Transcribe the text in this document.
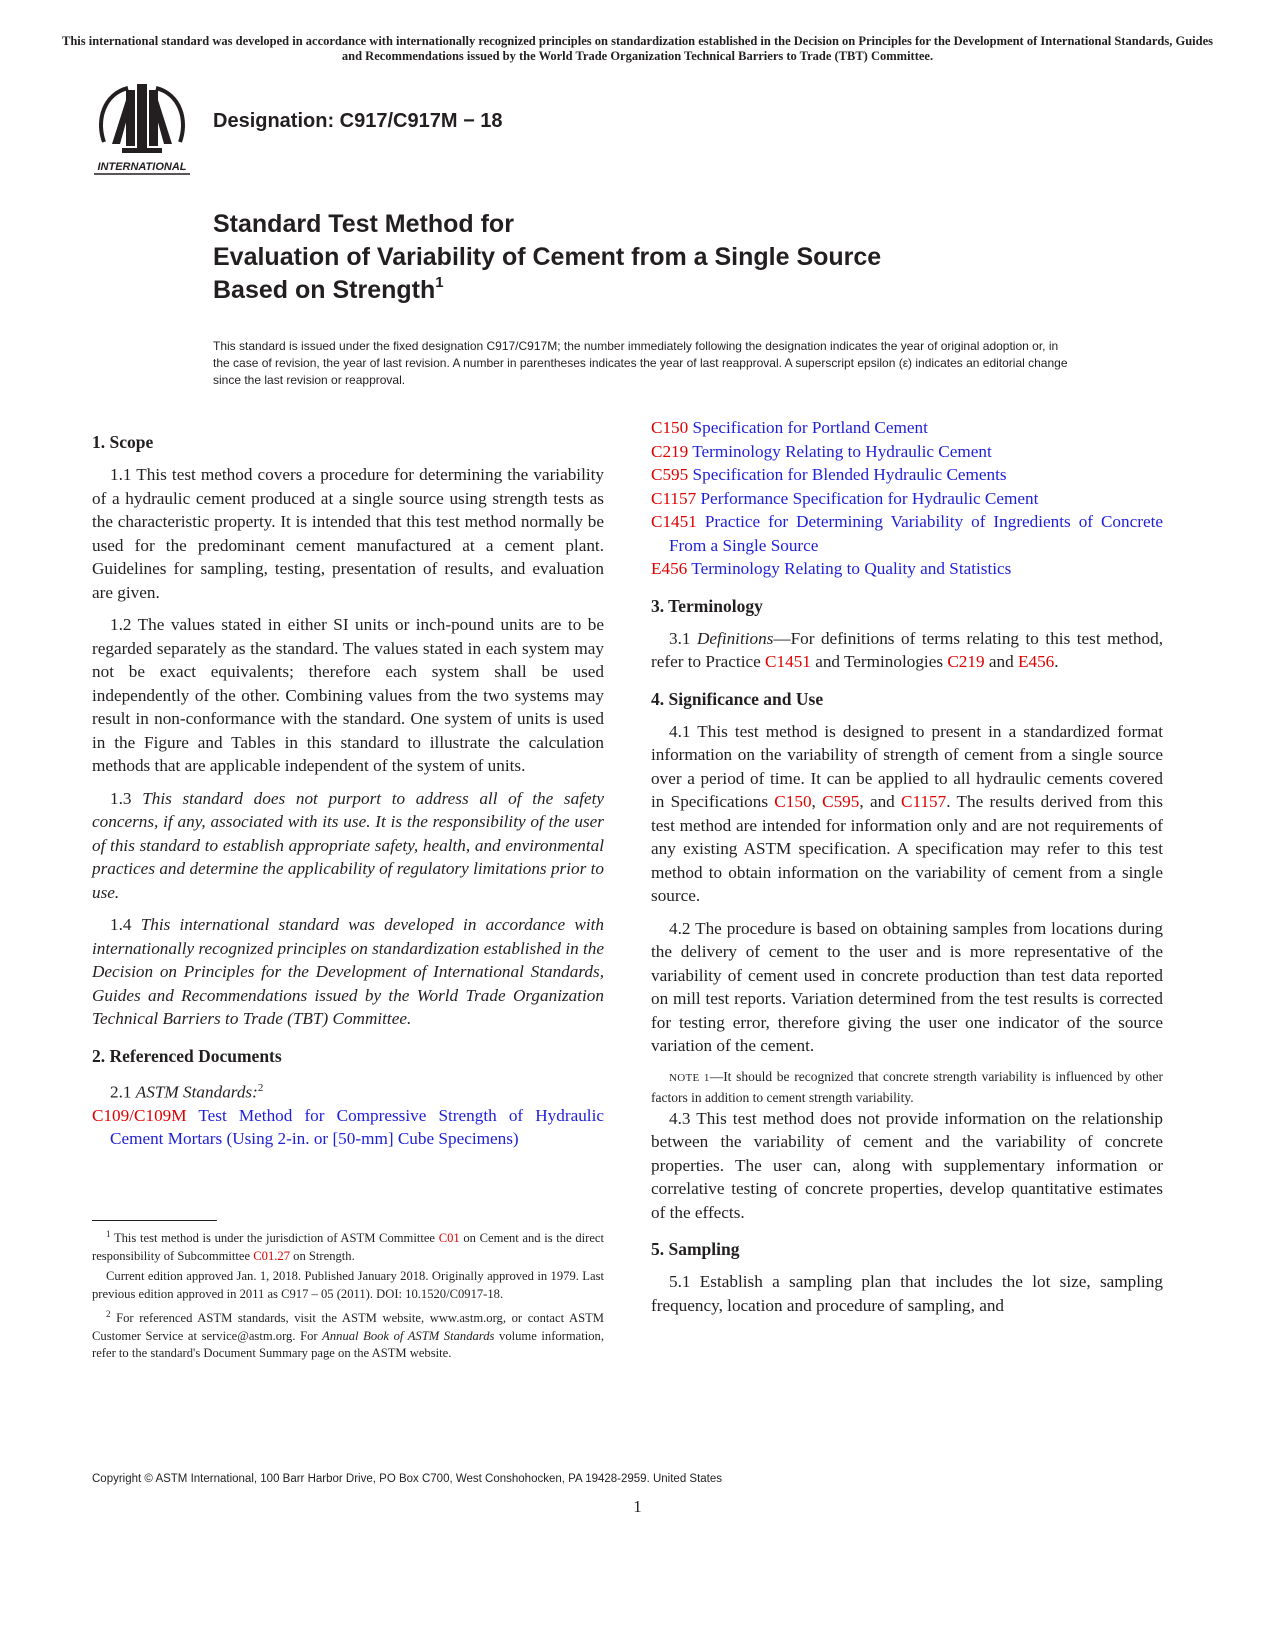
This international standard was developed in accordance with internationally recognized principles on standardization established in the Decision on Principles for the Development of International Standards, Guides and Recommendations issued by the World Trade Organization Technical Barriers to Trade (TBT) Committee.
INTERNATIONAL
Designation: C917/C917M − 18
Standard Test Method for
Evaluation of Variability of Cement from a Single Source
Based on Strength$^1$
This standard is issued under the fixed designation C917/C917M; the number immediately following the designation indicates the year of original adoption or, in the case of revision, the year of last revision. A number in parentheses indicates the year of last reapproval. A superscript epsilon (ε) indicates an editorial change since the last revision or reapproval.
1. Scope

1.1 This test method covers a procedure for determining the variability of a hydraulic cement produced at a single source using strength tests as the characteristic property. It is intended that this test method normally be used for the predominant cement manufactured at a cement plant. Guidelines for sampling, testing, presentation of results, and evaluation are given.

1.2 The values stated in either SI units or inch-pound units are to be regarded separately as the standard. The values stated in each system may not be exact equivalents; therefore each system shall be used independently of the other. Combining values from the two systems may result in non-conformance with the standard. One system of units is used in the Figure and Tables in this standard to illustrate the calculation methods that are applicable independent of the system of units.

1.3 This standard does not purport to address all of the safety concerns, if any, associated with its use. It is the responsibility of the user of this standard to establish appropriate safety, health, and environmental practices and determine the applicability of regulatory limitations prior to use.

1.4 This international standard was developed in accordance with internationally recognized principles on standardization established in the Decision on Principles for the Development of International Standards, Guides and Recommendations issued by the World Trade Organization Technical Barriers to Trade (TBT) Committee.

2. Referenced Documents

2.1 ASTM Standards:$^2$

C109/C109M Test Method for Compressive Strength of Hydraulic Cement Mortars (Using 2-in. or [50-mm] Cube Specimens)

C150 Specification for Portland Cement

C219 Terminology Relating to Hydraulic Cement

C595 Specification for Blended Hydraulic Cements

C1157 Performance Specification for Hydraulic Cement

C1451 Practice for Determining Variability of Ingredients of Concrete From a Single Source

E456 Terminology Relating to Quality and Statistics

3. Terminology

3.1 Definitions—For definitions of terms relating to this test method, refer to Practice C1451 and Terminologies C219 and E456.

4. Significance and Use

4.1 This test method is designed to present in a standardized format information on the variability of strength of cement from a single source over a period of time. It can be applied to all hydraulic cements covered in Specifications C150, C595, and C1157. The results derived from this test method are intended for information only and are not requirements of any existing ASTM specification. A specification may refer to this test method to obtain information on the variability of cement from a single source.

4.2 The procedure is based on obtaining samples from locations during the delivery of cement to the user and is more representative of the variability of cement used in concrete production than test data reported on mill test reports. Variation determined from the test results is corrected for testing error, therefore giving the user one indicator of the source variation of the cement.

NOTE 1—It should be recognized that concrete strength variability is influenced by other factors in addition to cement strength variability.

4.3 This test method does not provide information on the relationship between the variability of cement and the variability of concrete properties. The user can, along with supplementary information or correlative testing of concrete properties, develop quantitative estimates of the effects.

5. Sampling

5.1 Establish a sampling plan that includes the lot size, sampling frequency, location and procedure of sampling, and

$^1$ This test method is under the jurisdiction of ASTM Committee C01 on Cement and is the direct responsibility of Subcommittee C01.27 on Strength.

Current edition approved Jan. 1, 2018. Published January 2018. Originally approved in 1979. Last previous edition approved in 2011 as C917 – 05 (2011). DOI: 10.1520/C0917-18.

$^2$ For referenced ASTM standards, visit the ASTM website, www.astm.org, or contact ASTM Customer Service at service@astm.org. For Annual Book of ASTM Standards volume information, refer to the standard's Document Summary page on the ASTM website.

Copyright © ASTM International, 100 Barr Harbor Drive, PO Box C700, West Conshohocken, PA 19428-2959. United States
1
